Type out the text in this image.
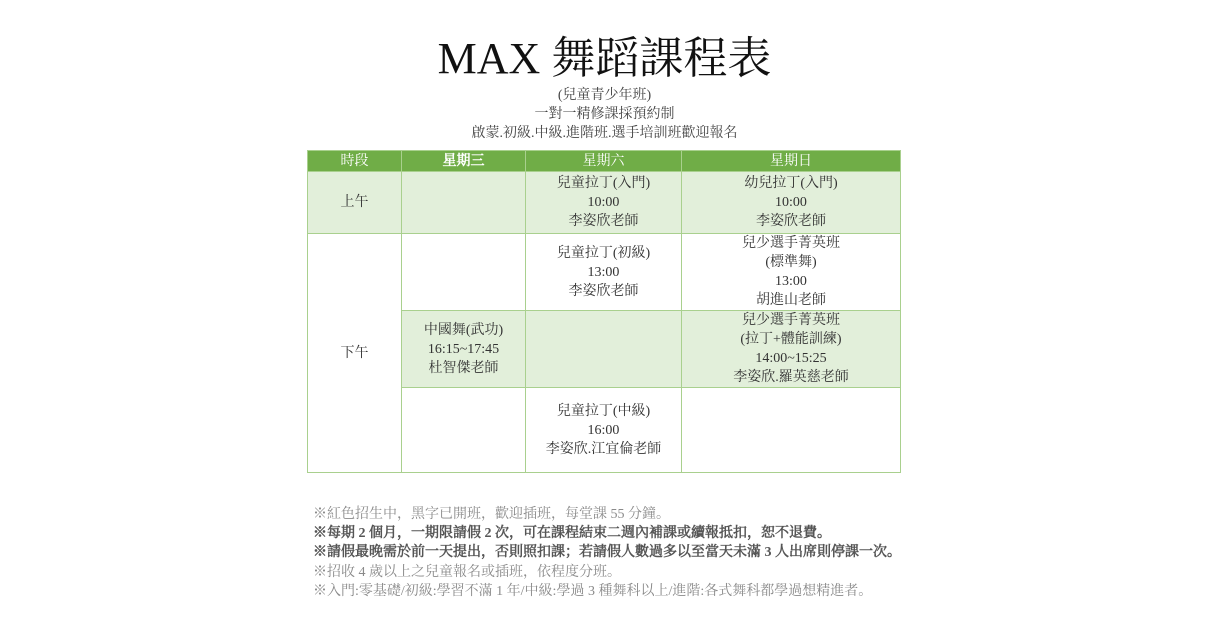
MAX 舞蹈課程表
(兒童青少年班)
一對一精修課採預約制
啟蒙.初級.中級.進階班.選手培訓班歡迎報名
時段	星期三	星期六	星期日
上午		兒童拉丁(入門)
10:00
李姿欣老師	幼兒拉丁(入門)
10:00
李姿欣老師

下午		兒童拉丁(初級)
13:00
李姿欣老師	兒少選手菁英班
(標準舞)
13:00
胡進山老師

	中國舞(武功)
16:15~17:45
杜智傑老師		兒少選手菁英班
(拉丁+體能訓練)
14:00~15:25
李姿欣.羅英慈老師

		兒童拉丁(中級)
16:00
李姿欣.江宜倫老師	

※紅色招生中，黑字已開班，歡迎插班，每堂課 55 分鐘。
※每期 2 個月，一期限請假 2 次，可在課程結束二週內補課或續報抵扣，恕不退費。
※請假最晚需於前一天提出，否則照扣課；若請假人數過多以至當天未滿 3 人出席則停課一次。
※招收 4 歲以上之兒童報名或插班，依程度分班。
※入門:零基礎/初級:學習不滿 1 年/中級:學過 3 種舞科以上/進階:各式舞科都學過想精進者。
